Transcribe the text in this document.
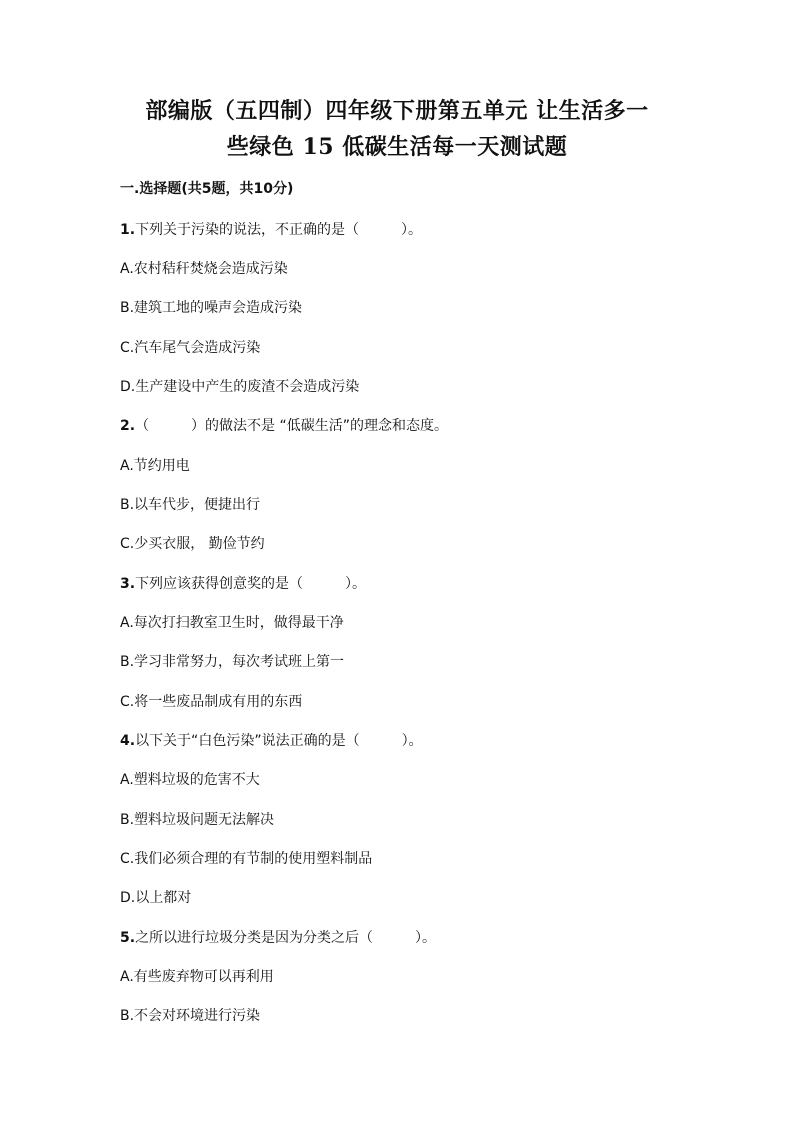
部编版（五四制）四年级下册第五单元 让生活多一
些绿色 15 低碳生活每一天测试题
一.选择题(共5题，共10分)
1.下列关于污染的说法，不正确的是（　　　）。
A.农村秸秆焚烧会造成污染
B.建筑工地的噪声会造成污染
C.汽车尾气会造成污染
D.生产建设中产生的废渣不会造成污染
2.（　　　）的做法不是 “低碳生活”的理念和态度。
A.节约用电
B.以车代步，便捷出行
C.少买衣服， 勤俭节约
3.下列应该获得创意奖的是（　　　）。
A.每次打扫教室卫生时，做得最干净
B.学习非常努力，每次考试班上第一
C.将一些废品制成有用的东西
4.以下关于“白色污染”说法正确的是（　　　）。
A.塑料垃圾的危害不大
B.塑料垃圾问题无法解决
C.我们必须合理的有节制的使用塑料制品
D.以上都对
5.之所以进行垃圾分类是因为分类之后（　　　）。
A.有些废弃物可以再利用
B.不会对环境进行污染
